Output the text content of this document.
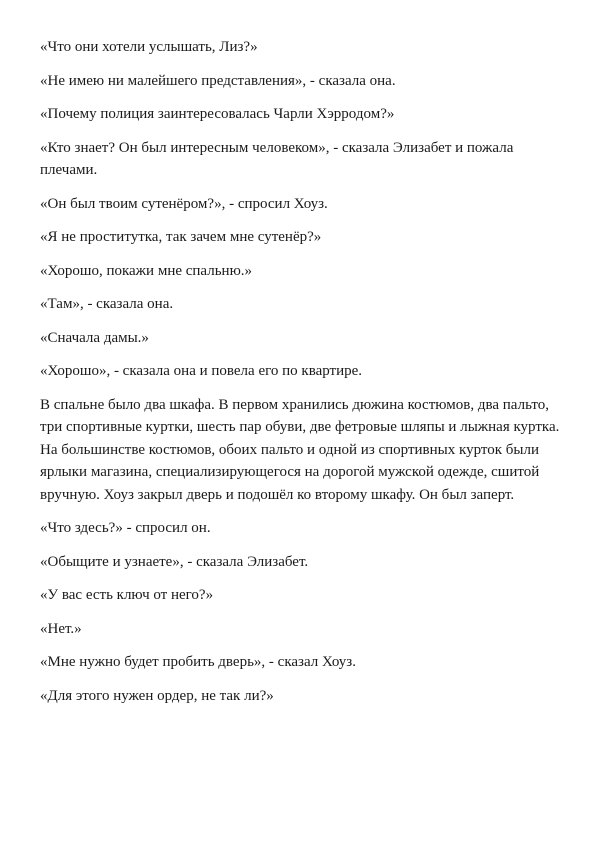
«Что они хотели услышать, Лиз?»

«Не имею ни малейшего представления», - сказала она.

«Почему полиция заинтересовалась Чарли Хэрродом?»

«Кто знает? Он был интересным человеком», - сказала Элизабет и пожала плечами.

«Он был твоим сутенёром?», - спросил Хоуз.

«Я не проститутка, так зачем мне сутенёр?»

«Хорошо, покажи мне спальню.»

«Там», - сказала она.

«Сначала дамы.»

«Хорошо», - сказала она и повела его по квартире.

В спальне было два шкафа. В первом хранились дюжина костюмов, два пальто, три спортивные куртки, шесть пар обуви, две фетровые шляпы и лыжная куртка. На большинстве костюмов, обоих пальто и одной из спортивных курток были ярлыки магазина, специализирующегося на дорогой мужской одежде, сшитой вручную. Хоуз закрыл дверь и подошёл ко второму шкафу. Он был заперт.

«Что здесь?» - спросил он.

«Обыщите и узнаете», - сказала Элизабет.

«У вас есть ключ от него?»

«Нет.»

«Мне нужно будет пробить дверь», - сказал Хоуз.

«Для этого нужен ордер, не так ли?»
